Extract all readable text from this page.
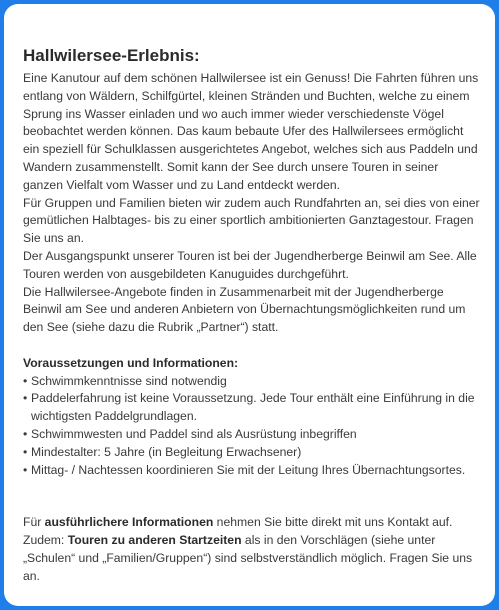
Hallwilersee-Erlebnis:

Eine Kanutour auf dem schönen Hallwilersee ist ein Genuss! Die Fahrten führen uns entlang von Wäldern, Schilfgürtel, kleinen Stränden und Buchten, welche zu einem Sprung ins Wasser einladen und wo auch immer wieder verschiedenste Vögel beobachtet werden können. Das kaum bebaute Ufer des Hallwilersees ermöglicht ein speziell für Schulklassen ausgerichtetes Angebot, welches sich aus Paddeln und Wandern zusammenstellt. Somit kann der See durch unsere Touren in seiner ganzen Vielfalt vom Wasser und zu Land entdeckt werden.

Für Gruppen und Familien bieten wir zudem auch Rundfahrten an, sei dies von einer gemütlichen Halbtages- bis zu einer sportlich ambitionierten Ganztagestour. Fragen Sie uns an.

Der Ausgangspunkt unserer Touren ist bei der Jugendherberge Beinwil am See. Alle Touren werden von ausgebildeten Kanuguides durchgeführt.

Die Hallwilersee-Angebote finden in Zusammenarbeit mit der Jugendherberge Beinwil am See und anderen Anbietern von Übernachtungsmöglichkeiten rund um den See (siehe dazu die Rubrik „Partner“) statt.

Voraussetzungen und Informationen:
• Schwimmkenntnisse sind notwendig
• Paddelerfahrung ist keine Voraussetzung. Jede Tour enthält eine Einführung in die wichtigsten Paddelgrundlagen.
• Schwimmwesten und Paddel sind als Ausrüstung inbegriffen
• Mindestalter: 5 Jahre (in Begleitung Erwachsener)
• Mittag- / Nachtessen koordinieren Sie mit der Leitung Ihres Übernachtungsortes.

Für ausführlichere Informationen nehmen Sie bitte direkt mit uns Kontakt auf. Zudem: Touren zu anderen Startzeiten als in den Vorschlägen (siehe unter „Schulen“ und „Familien/Gruppen“) sind selbstverständlich möglich. Fragen Sie uns an.
